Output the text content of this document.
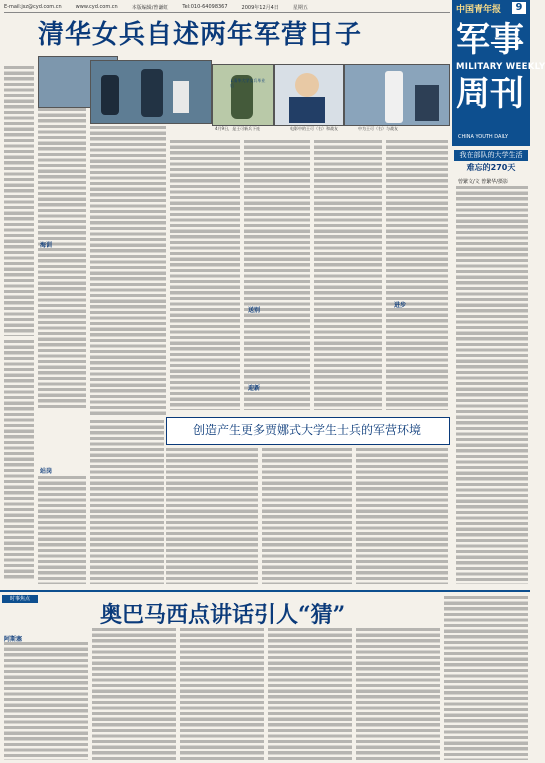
E-mail:jsz@cyd.com.cn	www.cyd.com.cn	本版编辑/曾谦虹	Tel:010-64098367	2009年12月4日	星期五
清华女兵自述两年军营日子
中国青年报	9
军事
MILITARY WEEKLY
周刊
CHINA YOUTH DAILY
4月9日，是王可新兵下连	电影中的王可（右）和战友
↓清华大学女兵毕业后
中为王可（右）与战友
海训
站岗
送别
迎新
进步
创造产生更多贾娜式大学生士兵的军营环境
我在部队的大学生活
难忘的270天
曾繁文/文 曾繁华/摄影
时事焦点
奥巴马西点讲话引人“猜”
阿斯塞
